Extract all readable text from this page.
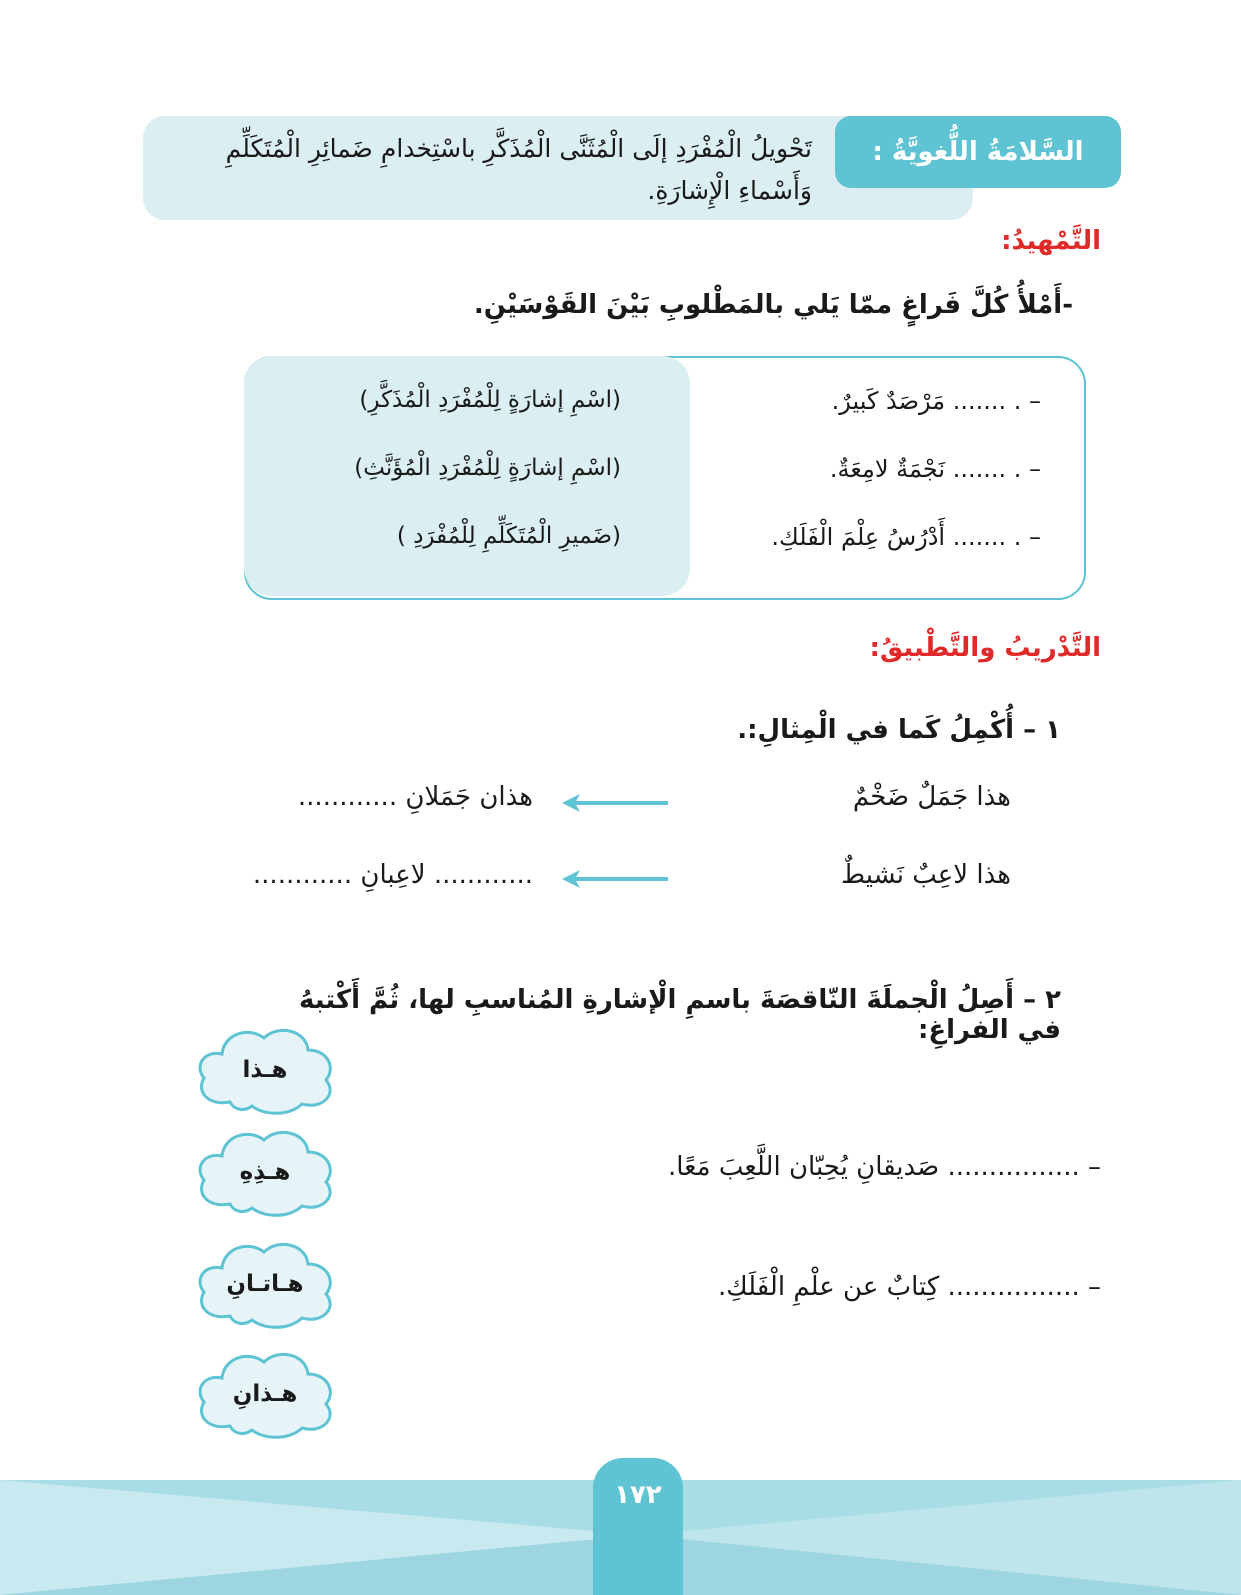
تَحْويلُ الْمُفْرَدِ إلَى الْمُثَنَّى الْمُذَكَّرِ باسْتِخدامِ ضَمائِرِ الْمُتَكَلِّمِ وَأَسْماءِ الْإِشارَةِ.
السَّلامَةُ اللُّغويَّةُ :
التَّمْهيدُ:
-أَمْلأُ كُلَّ فَراغٍ ممّا يَلي بالمَطْلوبِ بَيْنَ القَوْسَيْنِ.
– . ....... مَرْصَدٌ كَبيرٌ.
– . ....... نَجْمَةٌ لامِعَةٌ.
– . ....... أَدْرُسُ عِلْمَ الْفَلَكِ.
(اسْمِ إشارَةٍ لِلْمُفْرَدِ الْمُذَكَّرِ)
(اسْمِ إشارَةٍ لِلْمُفْرَدِ الْمُؤَنَّثِ)
(ضَميرِ الْمُتَكَلِّمِ لِلْمُفْرَدِ )
التَّدْريبُ والتَّطْبيقُ:
١ – أُكْمِلُ كَما في الْمِثالِ:.
هذا جَمَلٌ ضَخْمٌ
هذان جَمَلانِ ............
هذا لاعِبٌ نَشيطٌ
............ لاعِبانِ ............
٢ – أَصِلُ الْجملَةَ النّاقصَةَ باسمِ الْإشارةِ المُناسبِ لها، ثُمَّ أَكْتبهُ في الفراغِ:
– ................ صَديقانِ يُحِبّان اللَّعِبَ مَعًا.
– ................ كِتابٌ عن علْمِ الْفَلَكِ.
هـذا
هـذِهِ
هـاتـانِ
هـذانِ
١٧٢
